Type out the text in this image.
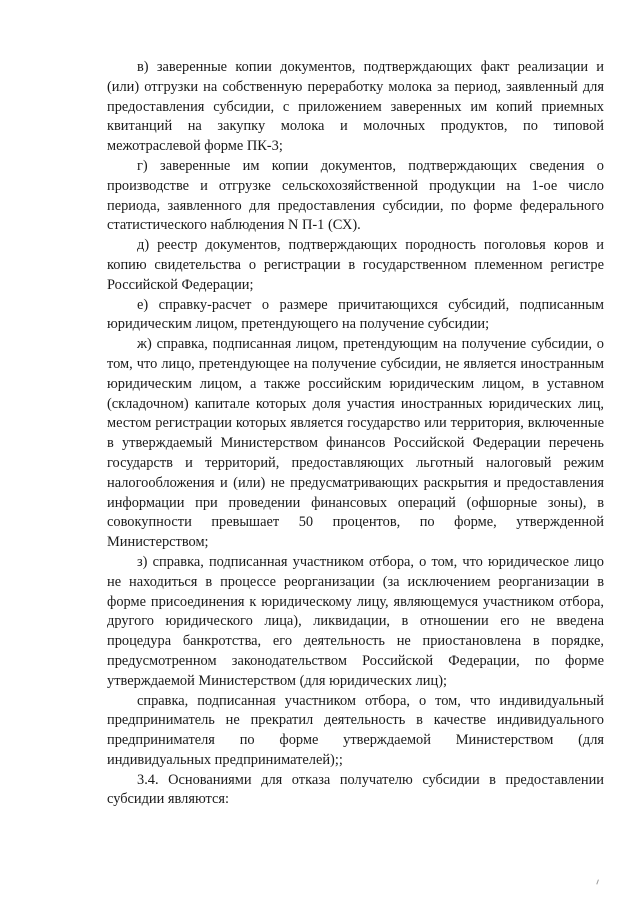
в) заверенные копии документов, подтверждающих факт реализации и (или) отгрузки на собственную переработку молока за период, заявленный для предоставления субсидии, с приложением заверенных им копий приемных квитанций на закупку молока и молочных продуктов, по типовой межотраслевой форме ПК-3;

г) заверенные им копии документов, подтверждающих сведения о производстве и отгрузке сельскохозяйственной продукции на 1-ое число периода, заявленного для предоставления субсидии, по форме федерального статистического наблюдения N П-1 (СХ).

д) реестр документов, подтверждающих породность поголовья коров и копию свидетельства о регистрации в государственном племенном регистре Российской Федерации;

е) справку-расчет о размере причитающихся субсидий, подписанным юридическим лицом, претендующего на получение субсидии;

ж) справка, подписанная лицом, претендующим на получение субсидии, о том, что лицо, претендующее на получение субсидии, не является иностранным юридическим лицом, а также российским юридическим лицом, в уставном (складочном) капитале которых доля участия иностранных юридических лиц, местом регистрации которых является государство или территория, включенные в утверждаемый Министерством финансов Российской Федерации перечень государств и территорий, предоставляющих льготный налоговый режим налогообложения и (или) не предусматривающих раскрытия и предоставления информации при проведении финансовых операций (офшорные зоны), в совокупности превышает 50 процентов, по форме, утвержденной Министерством;

з) справка, подписанная участником отбора, о том, что юридическое лицо не находиться в процессе реорганизации (за исключением реорганизации в форме присоединения к юридическому лицу, являющемуся участником отбора, другого юридического лица), ликвидации, в отношении его не введена процедура банкротства, его деятельность не приостановлена в порядке, предусмотренном законодательством Российской Федерации, по форме утверждаемой Министерством (для юридических лиц);

справка, подписанная участником отбора, о том, что индивидуальный предприниматель не прекратил деятельность в качестве индивидуального предпринимателя по форме утверждаемой Министерством (для индивидуальных предпринимателей);;

3.4. Основаниями для отказа получателю субсидии в предоставлении субсидии являются:
